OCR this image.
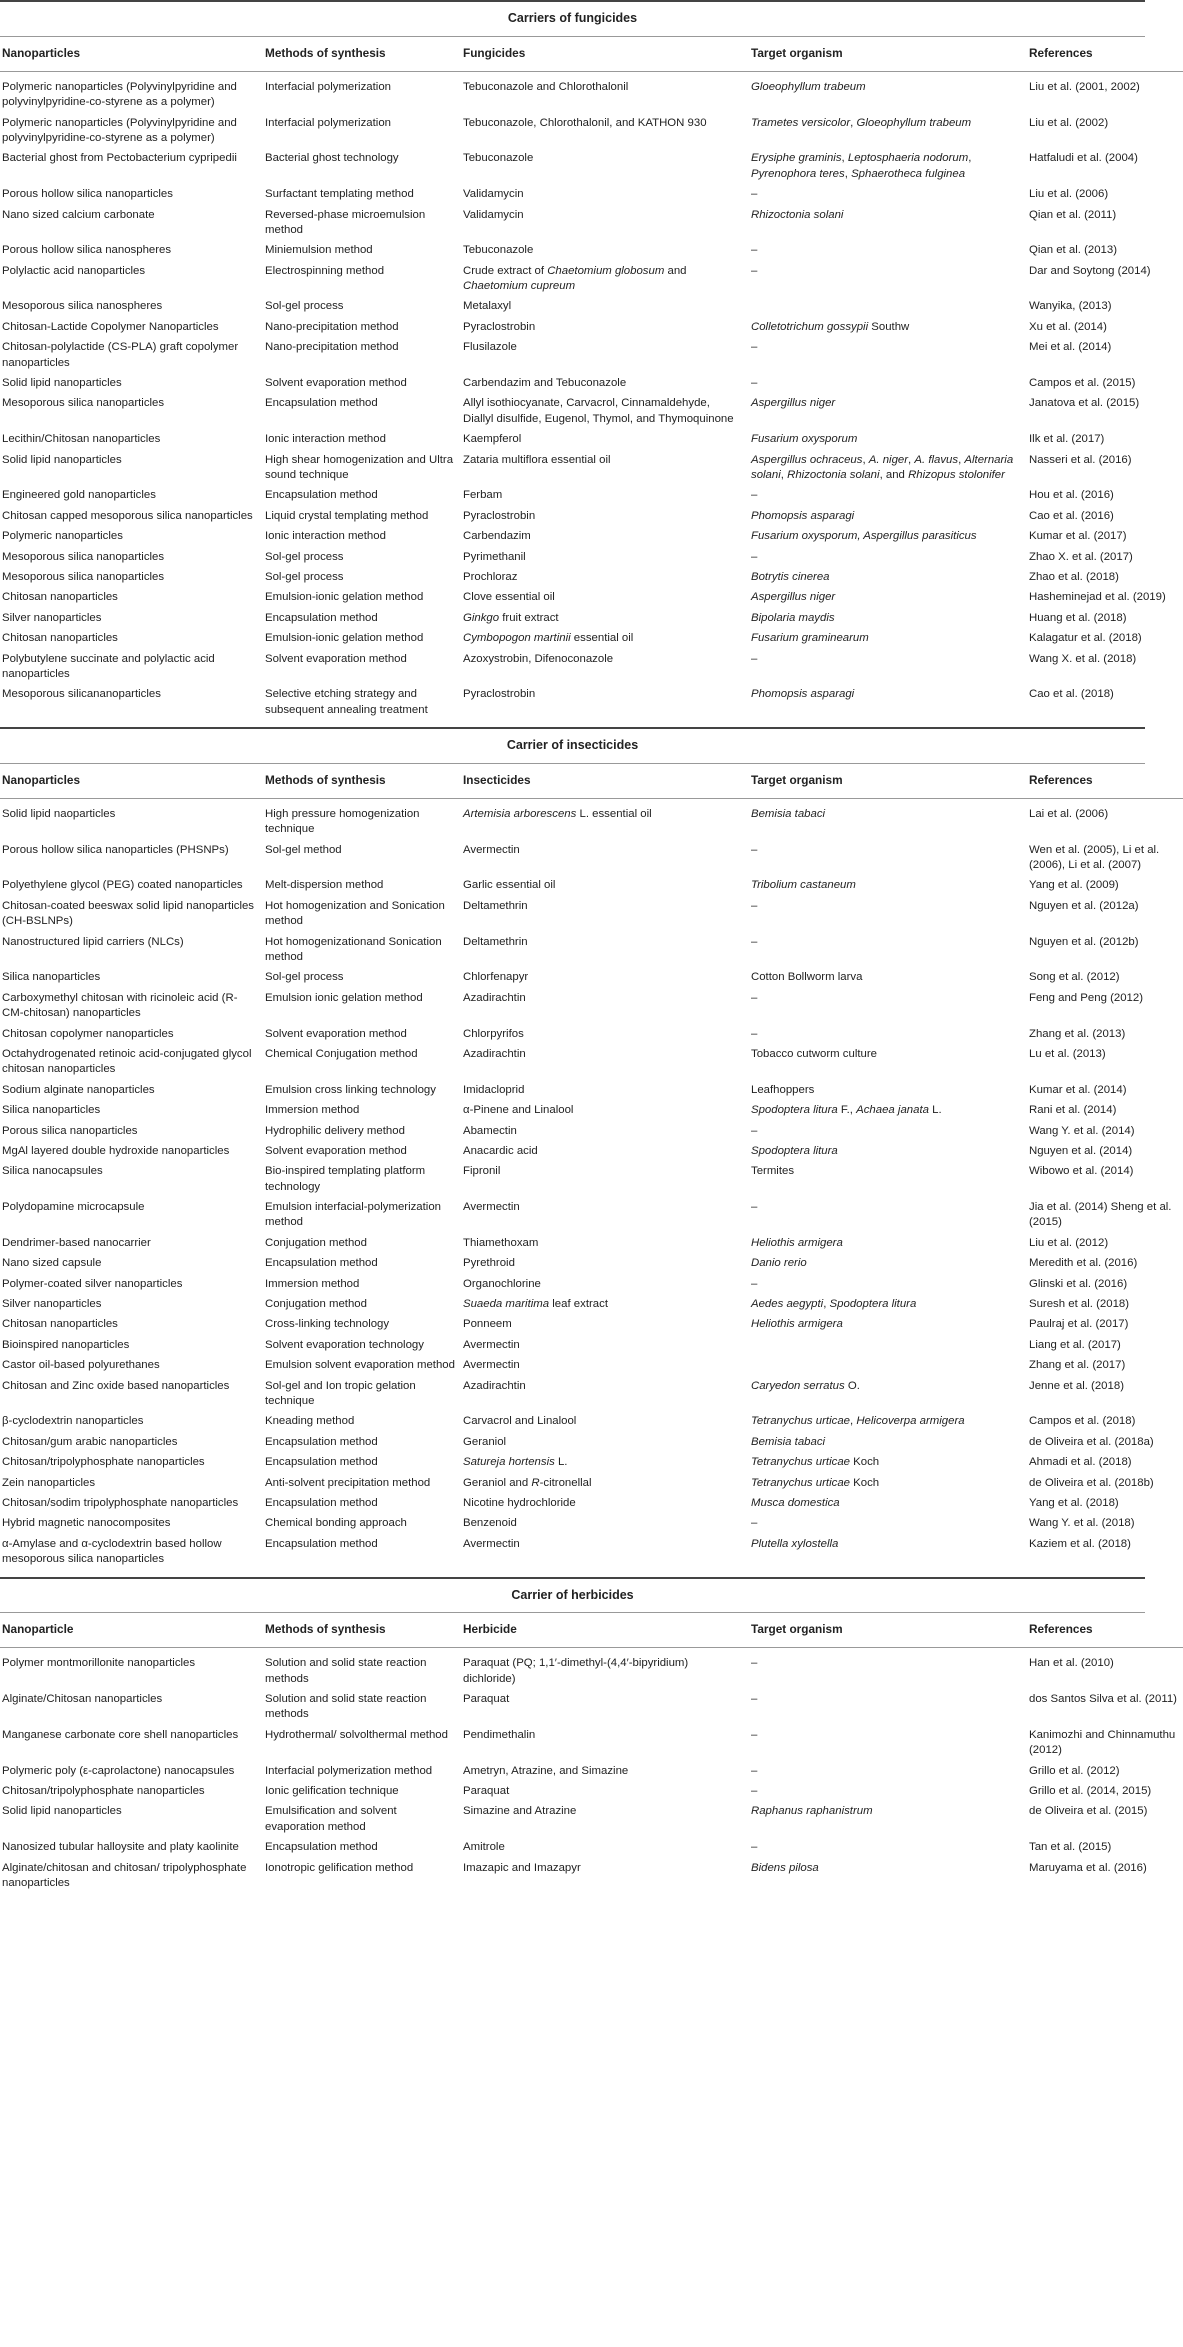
Carriers of fungicides
Nanoparticles	Methods of synthesis	Fungicides	Target organism	References
Polymeric nanoparticles (Polyvinylpyridine and polyvinylpyridine-co-styrene as a polymer)	Interfacial polymerization	Tebuconazole and Chlorothalonil	Gloeophyllum trabeum	Liu et al. (2001, 2002)
Polymeric nanoparticles (Polyvinylpyridine and polyvinylpyridine-co-styrene as a polymer)	Interfacial polymerization	Tebuconazole, Chlorothalonil, and KATHON 930	Trametes versicolor, Gloeophyllum trabeum	Liu et al. (2002)
Bacterial ghost from Pectobacterium cypripedii	Bacterial ghost technology	Tebuconazole	Erysiphe graminis, Leptosphaeria nodorum, Pyrenophora teres, Sphaerotheca fulginea	Hatfaludi et al. (2004)
Porous hollow silica nanoparticles	Surfactant templating method	Validamycin	–	Liu et al. (2006)
Nano sized calcium carbonate	Reversed-phase microemulsion method	Validamycin	Rhizoctonia solani	Qian et al. (2011)
Porous hollow silica nanospheres	Miniemulsion method	Tebuconazole	–	Qian et al. (2013)
Polylactic acid nanoparticles	Electrospinning method	Crude extract of Chaetomium globosum and Chaetomium cupreum	–	Dar and Soytong (2014)
Mesoporous silica nanospheres	Sol-gel process	Metalaxyl		Wanyika, (2013)
Chitosan-Lactide Copolymer Nanoparticles	Nano-precipitation method	Pyraclostrobin	Colletotrichum gossypii Southw	Xu et al. (2014)
Chitosan-polylactide (CS-PLA) graft copolymer nanoparticles	Nano-precipitation method	Flusilazole	–	Mei et al. (2014)
Solid lipid nanoparticles	Solvent evaporation method	Carbendazim and Tebuconazole	–	Campos et al. (2015)
Mesoporous silica nanoparticles	Encapsulation method	Allyl isothiocyanate, Carvacrol, Cinnamaldehyde, Diallyl disulfide, Eugenol, Thymol, and Thymoquinone	Aspergillus niger	Janatova et al. (2015)
Lecithin/Chitosan nanoparticles	Ionic interaction method	Kaempferol	Fusarium oxysporum	Ilk et al. (2017)
Solid lipid nanoparticles	High shear homogenization and Ultra sound technique	Zataria multiflora essential oil	Aspergillus ochraceus, A. niger, A. flavus, Alternaria solani, Rhizoctonia solani, and Rhizopus stolonifer	Nasseri et al. (2016)
Engineered gold nanoparticles	Encapsulation method	Ferbam	–	Hou et al. (2016)
Chitosan capped mesoporous silica nanoparticles	Liquid crystal templating method	Pyraclostrobin	Phomopsis asparagi	Cao et al. (2016)
Polymeric nanoparticles	Ionic interaction method	Carbendazim	Fusarium oxysporum, Aspergillus parasiticus	Kumar et al. (2017)
Mesoporous silica nanoparticles	Sol-gel process	Pyrimethanil	–	Zhao X. et al. (2017)
Mesoporous silica nanoparticles	Sol-gel process	Prochloraz	Botrytis cinerea	Zhao et al. (2018)
Chitosan nanoparticles	Emulsion-ionic gelation method	Clove essential oil	Aspergillus niger	Hasheminejad et al. (2019)
Silver nanoparticles	Encapsulation method	Ginkgo fruit extract	Bipolaria maydis	Huang et al. (2018)
Chitosan nanoparticles	Emulsion-ionic gelation method	Cymbopogon martinii essential oil	Fusarium graminearum	Kalagatur et al. (2018)
Polybutylene succinate and polylactic acid nanoparticles	Solvent evaporation method	Azoxystrobin, Difenoconazole	–	Wang X. et al. (2018)
Mesoporous silicananoparticles	Selective etching strategy and subsequent annealing treatment	Pyraclostrobin	Phomopsis asparagi	Cao et al. (2018)
Carrier of insecticides
Nanoparticles	Methods of synthesis	Insecticides	Target organism	References
Solid lipid naoparticles	High pressure homogenization technique	Artemisia arborescens L. essential oil	Bemisia tabaci	Lai et al. (2006)
Porous hollow silica nanoparticles (PHSNPs)	Sol-gel method	Avermectin	–	Wen et al. (2005), Li et al. (2006), Li et al. (2007)
Polyethylene glycol (PEG) coated nanoparticles	Melt-dispersion method	Garlic essential oil	Tribolium castaneum	Yang et al. (2009)
Chitosan-coated beeswax solid lipid nanoparticles (CH-BSLNPs)	Hot homogenization and Sonication method	Deltamethrin	–	Nguyen et al. (2012a)
Nanostructured lipid carriers (NLCs)	Hot homogenizationand Sonication method	Deltamethrin	–	Nguyen et al. (2012b)
Silica nanoparticles	Sol-gel process	Chlorfenapyr	Cotton Bollworm larva	Song et al. (2012)
Carboxymethyl chitosan with ricinoleic acid (R-CM-chitosan) nanoparticles	Emulsion ionic gelation method	Azadirachtin	–	Feng and Peng (2012)
Chitosan copolymer nanoparticles	Solvent evaporation method	Chlorpyrifos	–	Zhang et al. (2013)
Octahydrogenated retinoic acid-conjugated glycol chitosan nanoparticles	Chemical Conjugation method	Azadirachtin	Tobacco cutworm culture	Lu et al. (2013)
Sodium alginate nanoparticles	Emulsion cross linking technology	Imidacloprid	Leafhoppers	Kumar et al. (2014)
Silica nanoparticles	Immersion method	α-Pinene and Linalool	Spodoptera litura F., Achaea janata L.	Rani et al. (2014)
Porous silica nanoparticles	Hydrophilic delivery method	Abamectin	–	Wang Y. et al. (2014)
MgAl layered double hydroxide nanoparticles	Solvent evaporation method	Anacardic acid	Spodoptera litura	Nguyen et al. (2014)
Silica nanocapsules	Bio-inspired templating platform technology	Fipronil	Termites	Wibowo et al. (2014)
Polydopamine microcapsule	Emulsion interfacial-polymerization method	Avermectin	–	Jia et al. (2014) Sheng et al. (2015)
Dendrimer-based nanocarrier	Conjugation method	Thiamethoxam	Heliothis armigera	Liu et al. (2012)
Nano sized capsule	Encapsulation method	Pyrethroid	Danio rerio	Meredith et al. (2016)
Polymer-coated silver nanoparticles	Immersion method	Organochlorine	–	Glinski et al. (2016)
Silver nanoparticles	Conjugation method	Suaeda maritima leaf extract	Aedes aegypti, Spodoptera litura	Suresh et al. (2018)
Chitosan nanoparticles	Cross-linking technology	Ponneem	Heliothis armigera	Paulraj et al. (2017)
Bioinspired nanoparticles	Solvent evaporation technology	Avermectin		Liang et al. (2017)
Castor oil-based polyurethanes	Emulsion solvent evaporation method	Avermectin		Zhang et al. (2017)
Chitosan and Zinc oxide based nanoparticles	Sol-gel and Ion tropic gelation technique	Azadirachtin	Caryedon serratus O.	Jenne et al. (2018)
β-cyclodextrin nanoparticles	Kneading method	Carvacrol and Linalool	Tetranychus urticae, Helicoverpa armigera	Campos et al. (2018)
Chitosan/gum arabic nanoparticles	Encapsulation method	Geraniol	Bemisia tabaci	de Oliveira et al. (2018a)
Chitosan/tripolyphosphate nanoparticles	Encapsulation method	Satureja hortensis L.	Tetranychus urticae Koch	Ahmadi et al. (2018)
Zein nanoparticles	Anti-solvent precipitation method	Geraniol and R-citronellal	Tetranychus urticae Koch	de Oliveira et al. (2018b)
Chitosan/sodim tripolyphosphate nanoparticles	Encapsulation method	Nicotine hydrochloride	Musca domestica	Yang et al. (2018)
Hybrid magnetic nanocomposites	Chemical bonding approach	Benzenoid	–	Wang Y. et al. (2018)
α-Amylase and α-cyclodextrin based hollow mesoporous silica nanoparticles	Encapsulation method	Avermectin	Plutella xylostella	Kaziem et al. (2018)
Carrier of herbicides
Nanoparticle	Methods of synthesis	Herbicide	Target organism	References
Polymer montmorillonite nanoparticles	Solution and solid state reaction methods	Paraquat (PQ; 1,1′-dimethyl-(4,4′-bipyridium) dichloride)	–	Han et al. (2010)
Alginate/Chitosan nanoparticles	Solution and solid state reaction methods	Paraquat	–	dos Santos Silva et al. (2011)
Manganese carbonate core shell nanoparticles	Hydrothermal/ solvolthermal method	Pendimethalin	–	Kanimozhi and Chinnamuthu (2012)
Polymeric poly (ε-caprolactone) nanocapsules	Interfacial polymerization method	Ametryn, Atrazine, and Simazine	–	Grillo et al. (2012)
Chitosan/tripolyphosphate nanoparticles	Ionic gelification technique	Paraquat	–	Grillo et al. (2014, 2015)
Solid lipid nanoparticles	Emulsification and solvent evaporation method	Simazine and Atrazine	Raphanus raphanistrum	de Oliveira et al. (2015)
Nanosized tubular halloysite and platy kaolinite	Encapsulation method	Amitrole	–	Tan et al. (2015)
Alginate/chitosan and chitosan/ tripolyphosphate nanoparticles	Ionotropic gelification method	Imazapic and Imazapyr	Bidens pilosa	Maruyama et al. (2016)
